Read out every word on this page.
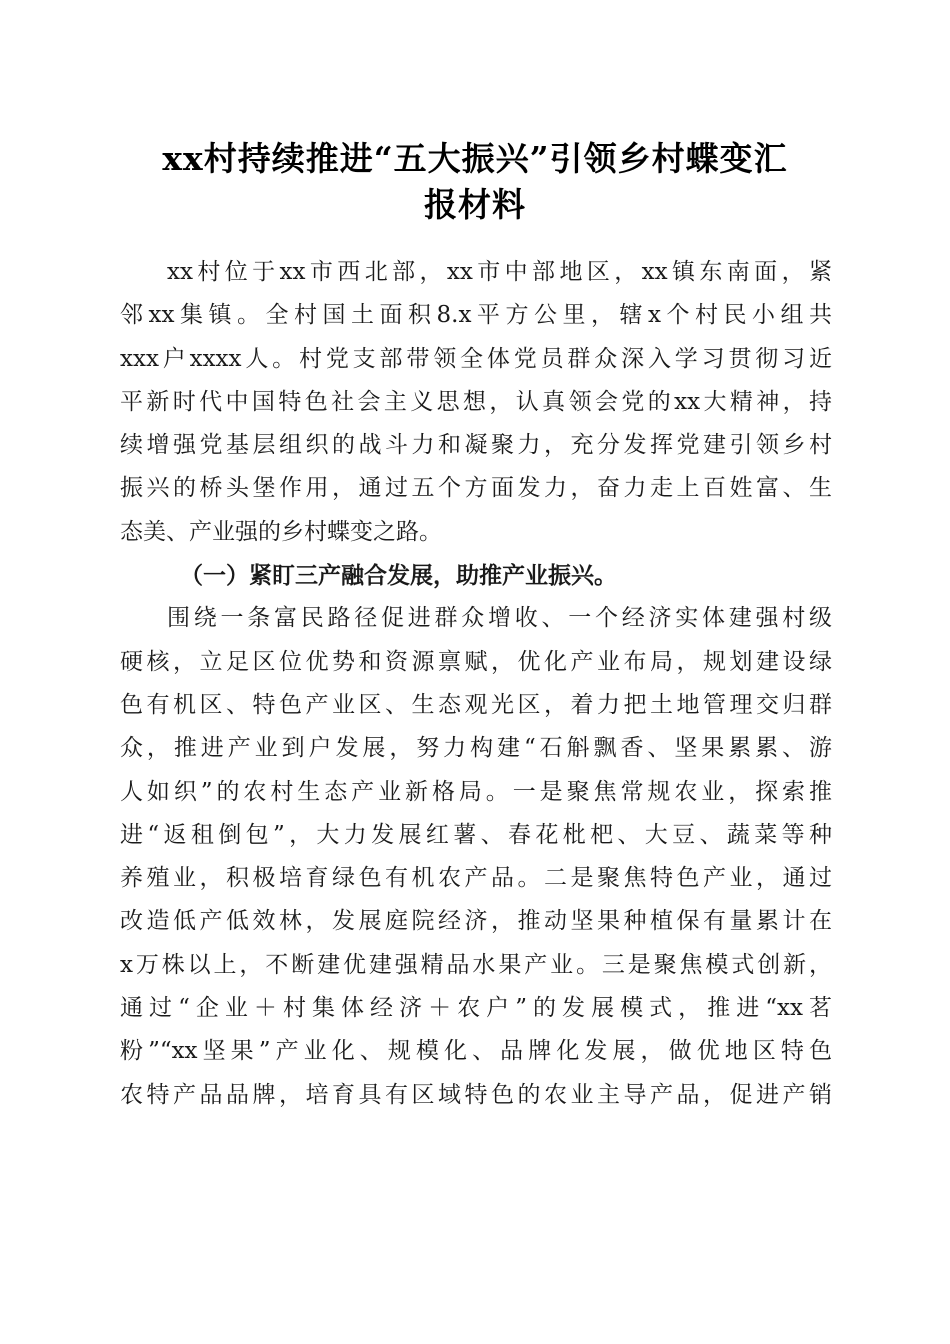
xx村持续推进“五大振兴”引领乡村蝶变汇
报材料
xx村位于xx市西北部，xx市中部地区，xx镇东南面，紧
邻xx集镇。全村国土面积8.x平方公里，辖x个村民小组共
xxx户xxxx人。村党支部带领全体党员群众深入学习贯彻习近
平新时代中国特色社会主义思想，认真领会党的xx大精神，持
续增强党基层组织的战斗力和凝聚力，充分发挥党建引领乡村
振兴的桥头堡作用，通过五个方面发力，奋力走上百姓富、生
态美、产业强的乡村蝶变之路。
（一）紧盯三产融合发展，助推产业振兴。
围绕一条富民路径促进群众增收、一个经济实体建强村级
硬核，立足区位优势和资源禀赋，优化产业布局，规划建设绿
色有机区、特色产业区、生态观光区，着力把土地管理交归群
众，推进产业到户发展，努力构建“石斛飘香、坚果累累、游
人如织”的农村生态产业新格局。一是聚焦常规农业，探索推
进“返租倒包”，大力发展红薯、春花枇杷、大豆、蔬菜等种
养殖业，积极培育绿色有机农产品。二是聚焦特色产业，通过
改造低产低效林，发展庭院经济，推动坚果种植保有量累计在
x万株以上，不断建优建强精品水果产业。三是聚焦模式创新，
通过“企业＋村集体经济＋农户”的发展模式，推进“xx茗
粉”“xx坚果”产业化、规模化、品牌化发展，做优地区特色
农特产品品牌，培育具有区域特色的农业主导产品，促进产销
